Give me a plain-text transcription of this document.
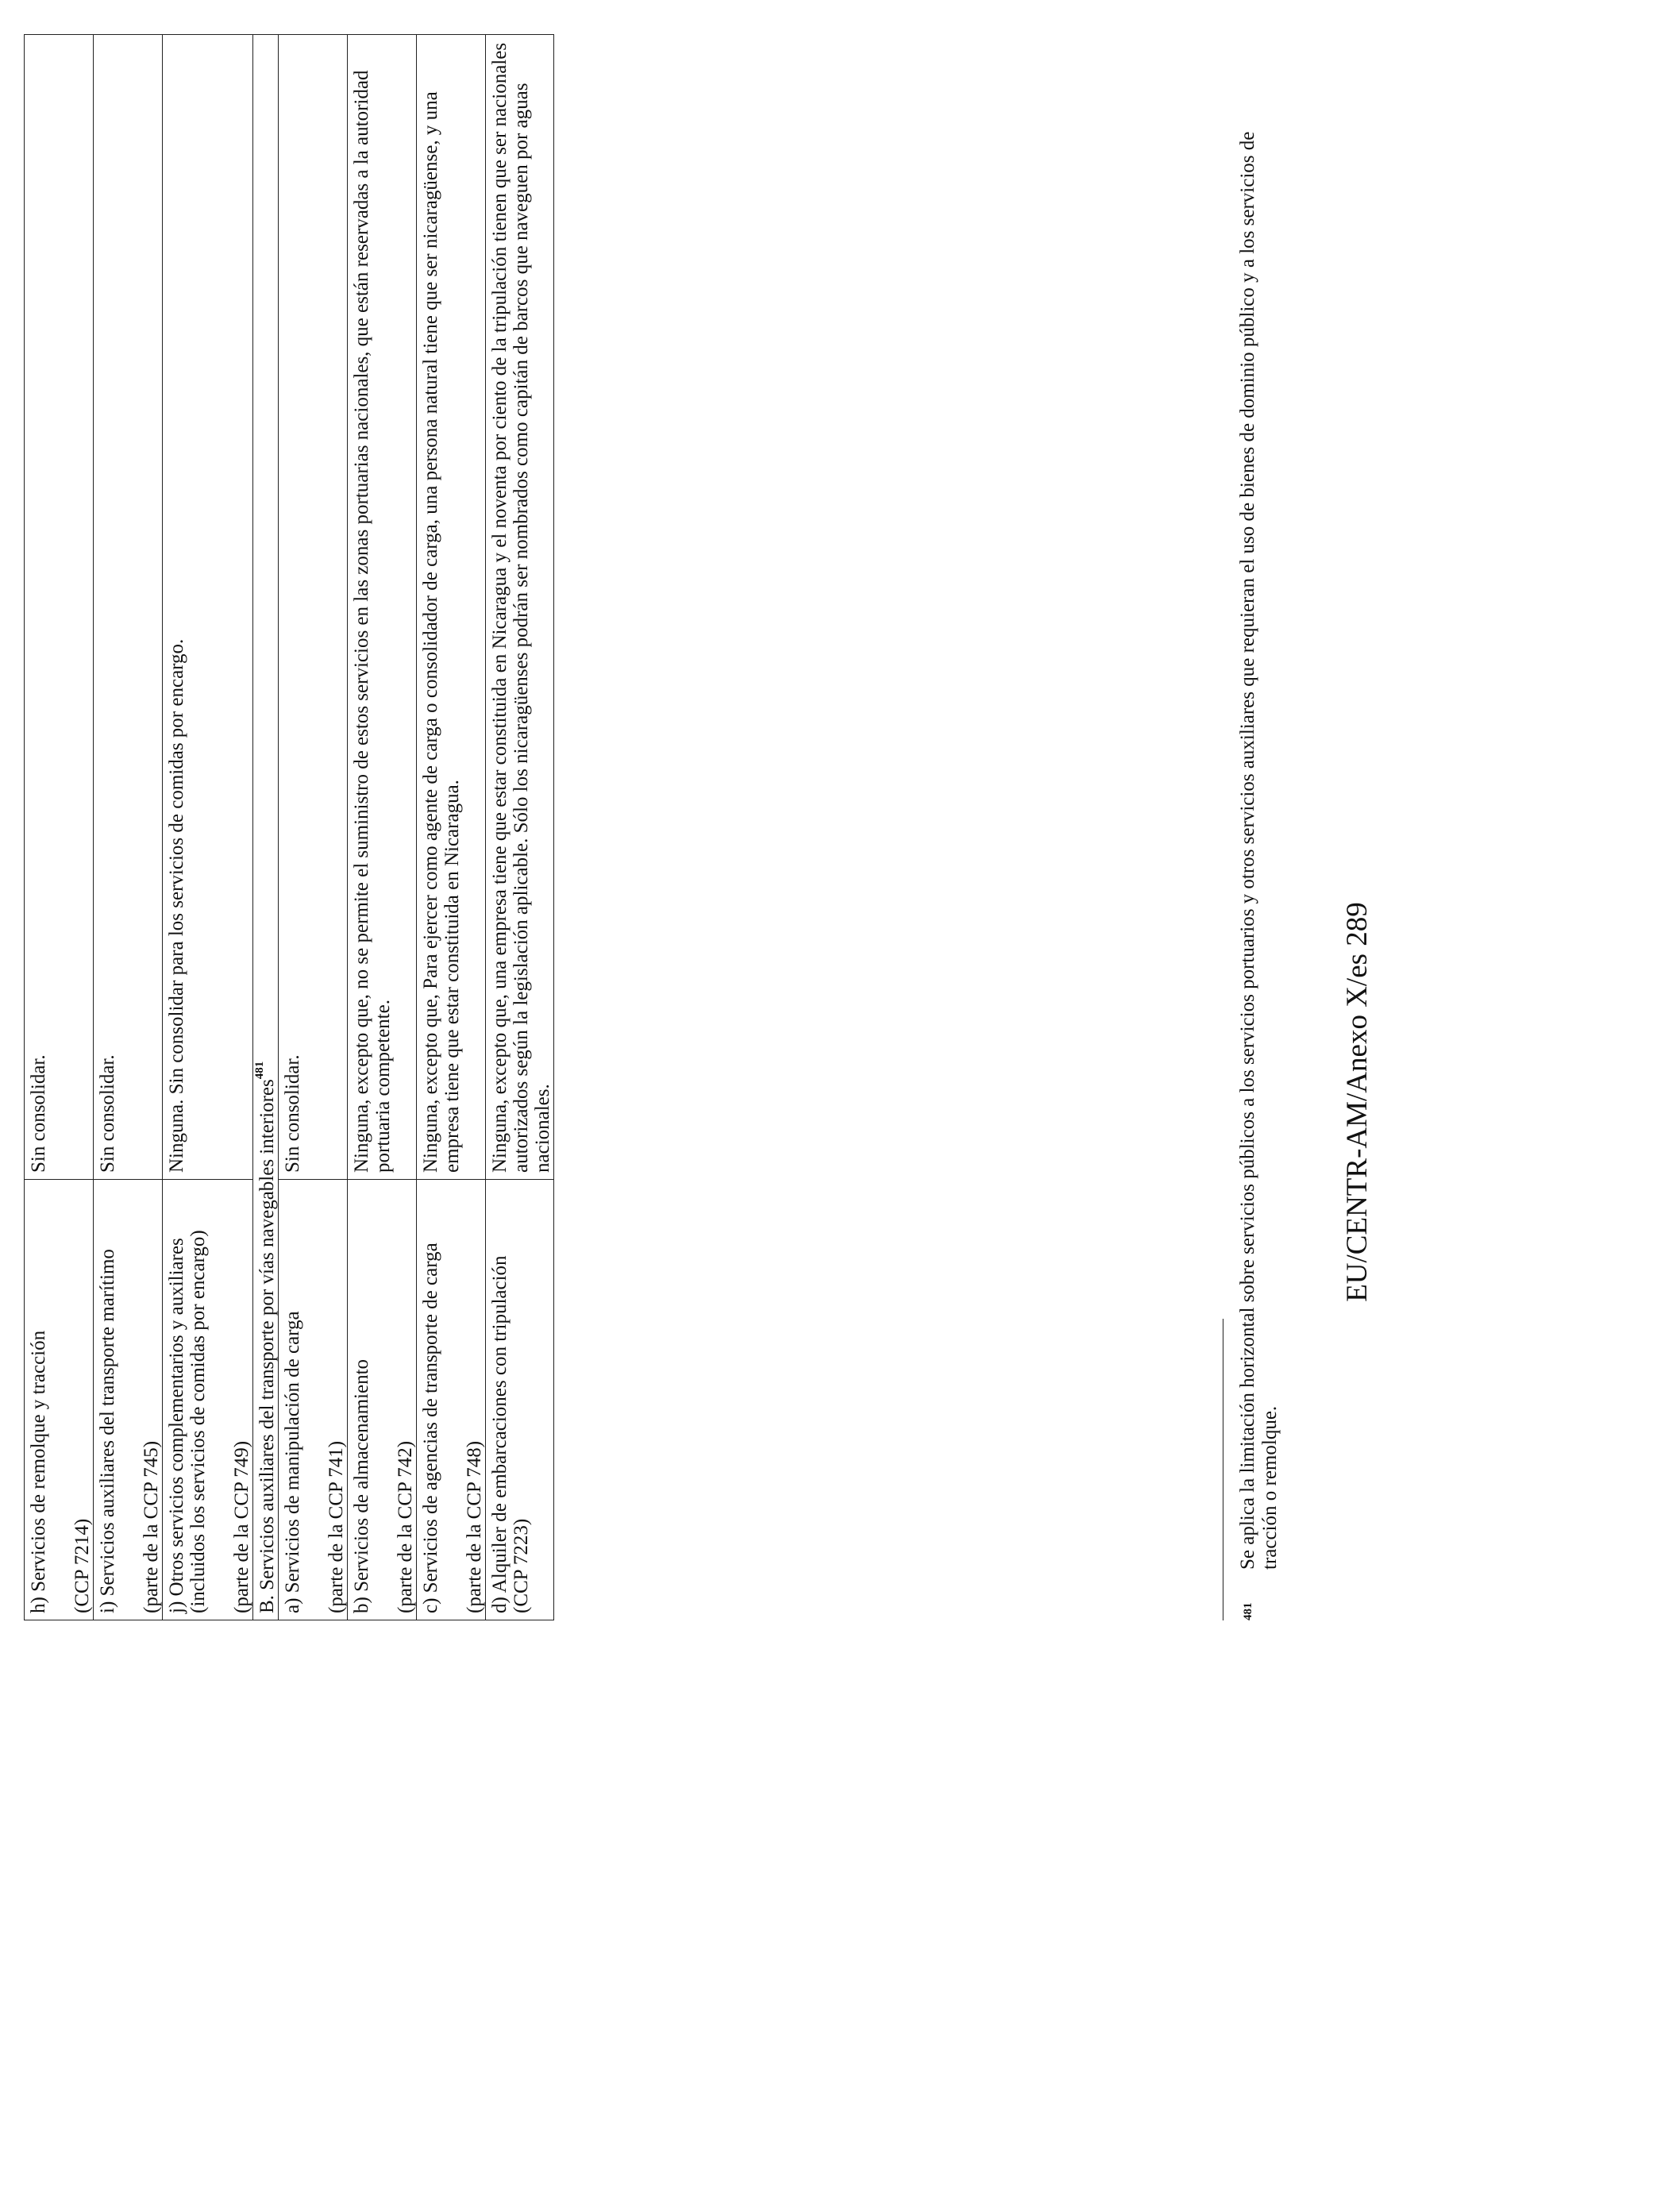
h) Servicios de remolque y tracción (CCP 7214)	Sin consolidar.

i) Servicios auxiliares del transporte marítimo (parte de la CCP 745)	Sin consolidar.

j) Otros servicios complementarios y auxiliares (incluidos los servicios de comidas por encargo) (parte de la CCP 749)	Ninguna. Sin consolidar para los servicios de comidas por encargo.

B. Servicios auxiliares del transporte por vías navegables interiores$^{481}$

a) Servicios de manipulación de carga (parte de la CCP 741)	Sin consolidar.

b) Servicios de almacenamiento (parte de la CCP 742)	Ninguna, excepto que, no se permite el suministro de estos servicios en las zonas portuarias nacionales, que están reservadas a la autoridad portuaria competente.

c) Servicios de agencias de transporte de carga (parte de la CCP 748)	Ninguna, excepto que, Para ejercer como agente de carga o consolidador de carga, una persona natural tiene que ser nicaragüense, y una empresa tiene que estar constituida en Nicaragua.

d) Alquiler de embarcaciones con tripulación (CCP 7223)	Ninguna, excepto que, una empresa tiene que estar constituida en Nicaragua y el noventa por ciento de la tripulación tienen que ser nacionales autorizados según la legislación aplicable. Sólo los nicaragüenses podrán ser nombrados como capitán de barcos que naveguen por aguas nacionales.

481

Se aplica la limitación horizontal sobre servicios públicos a los servicios portuarios y otros servicios auxiliares que requieran el uso de bienes de dominio público y a los servicios de tracción o remolque.

EU/CENTR-AM/Anexo X/es 289
